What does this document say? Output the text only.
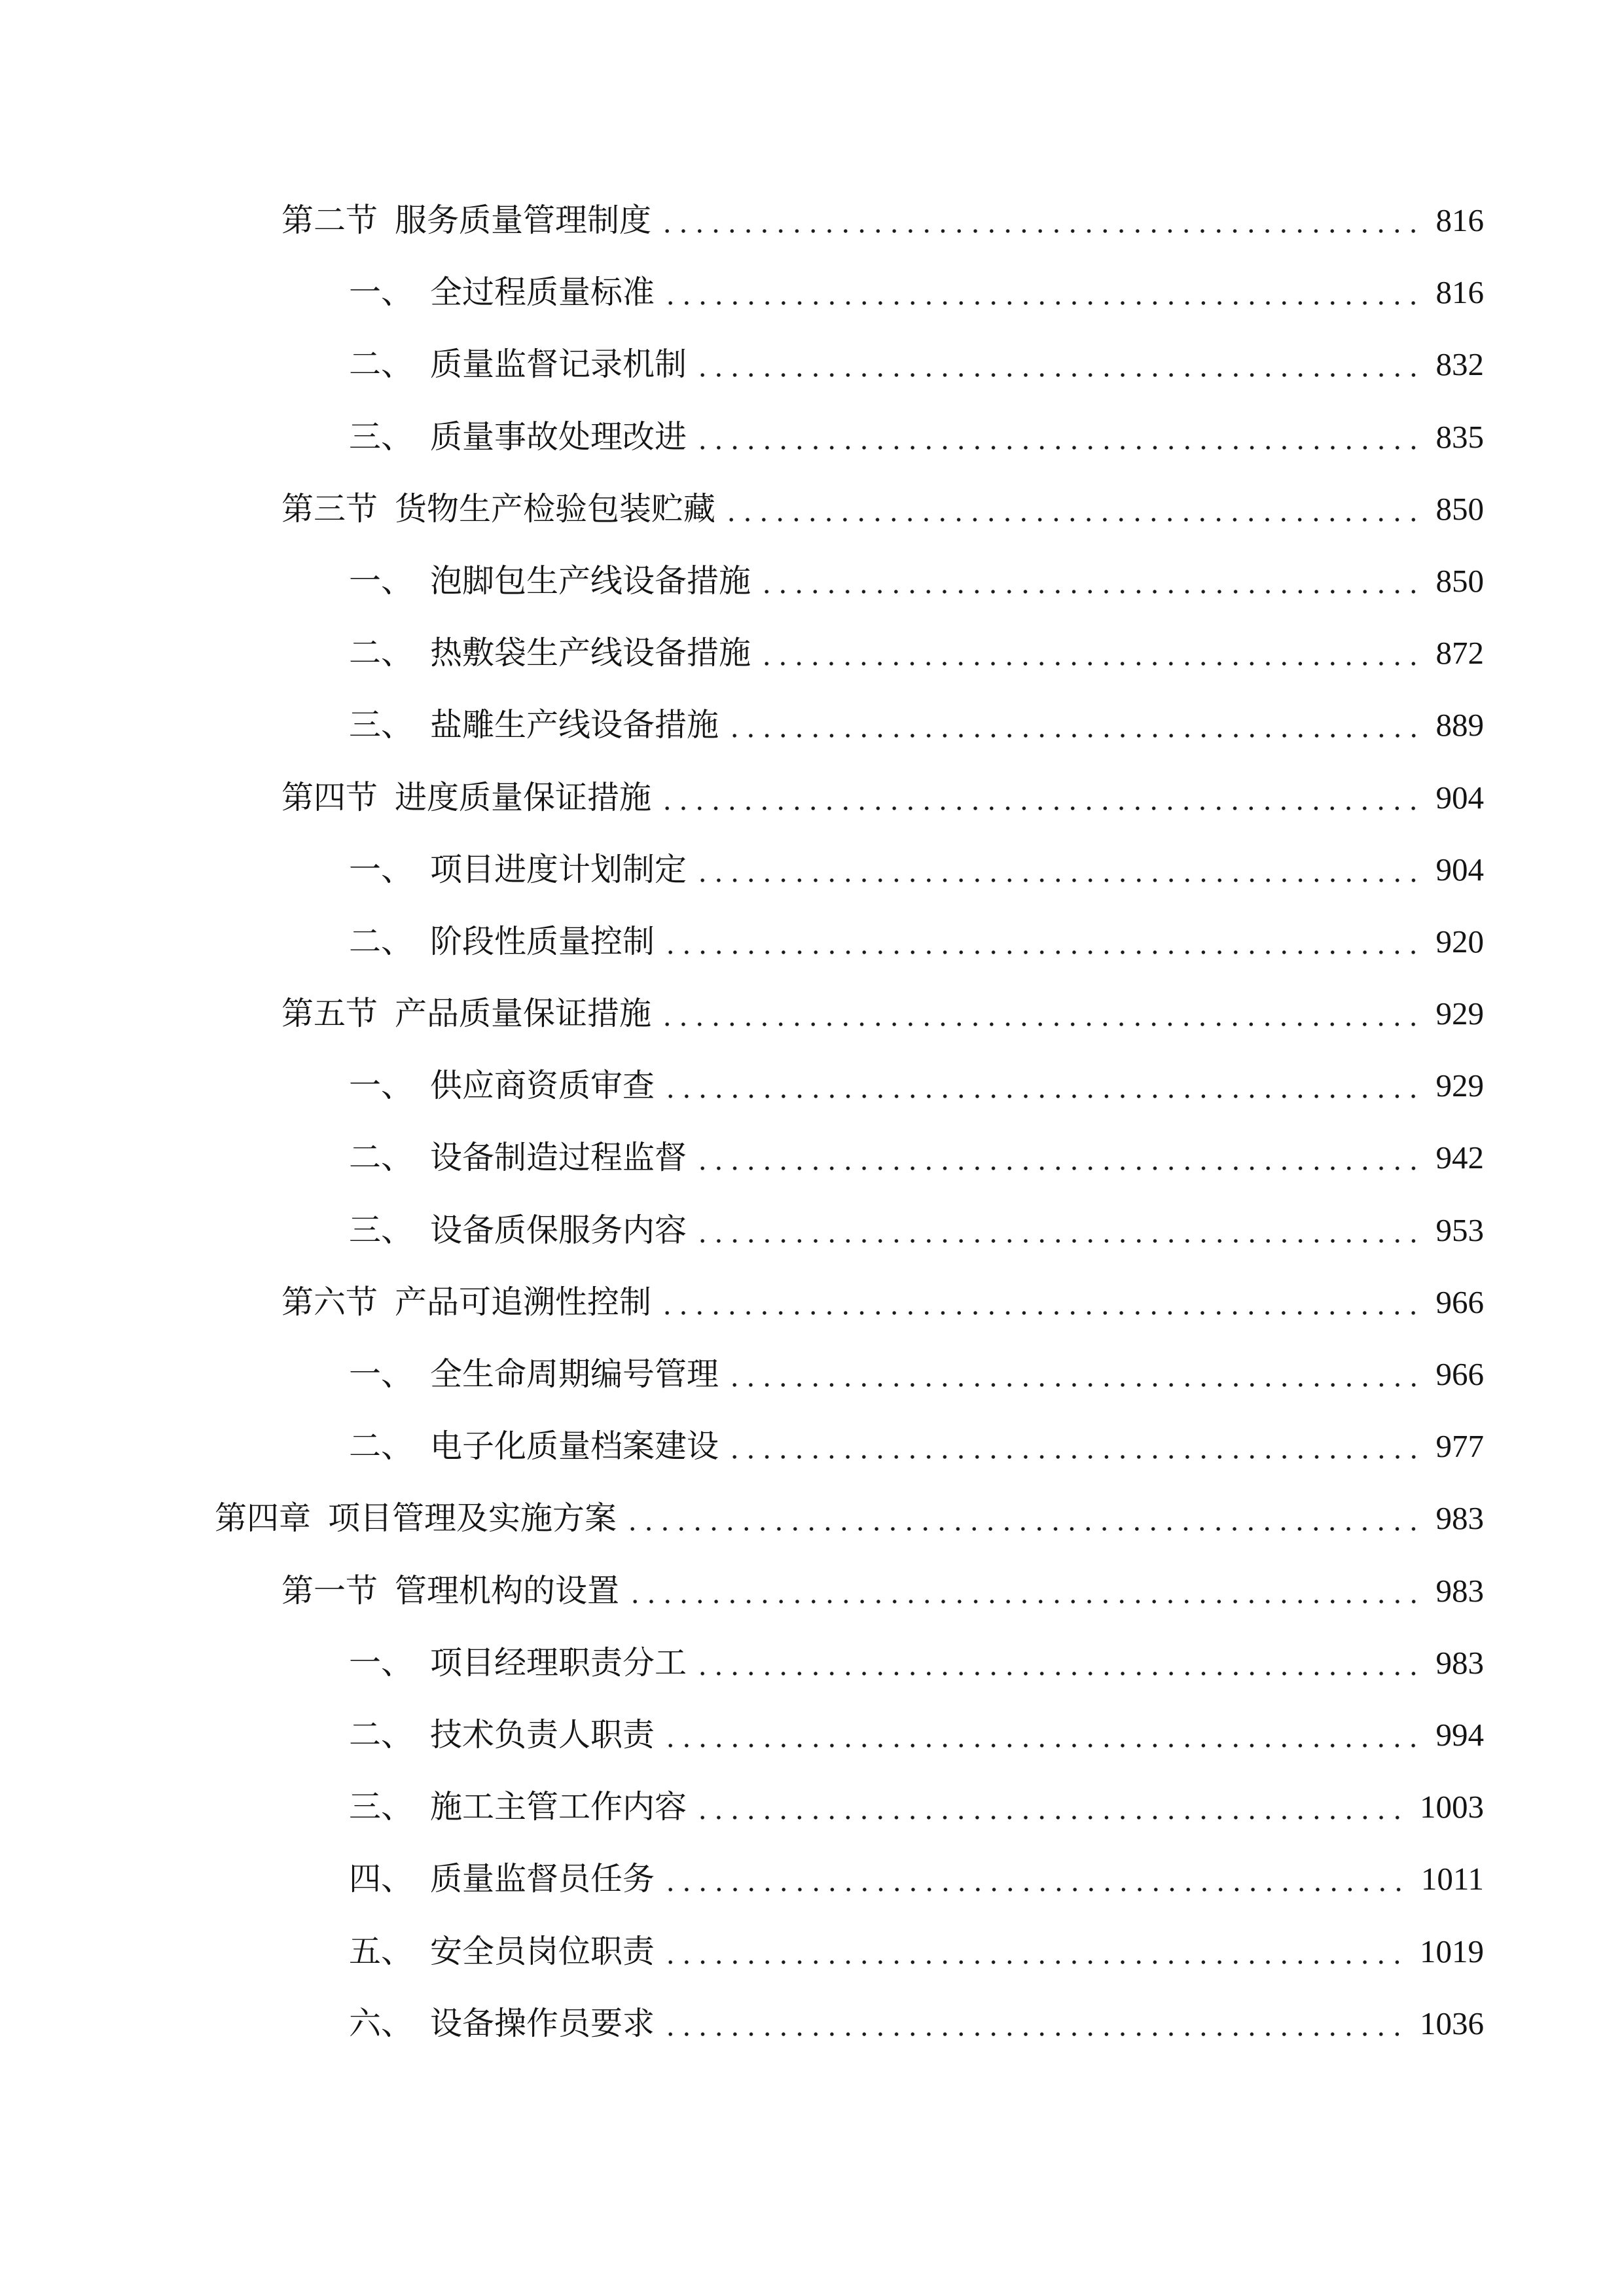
第二节 服务质量管理制度	816
一、 全过程质量标准	816
二、 质量监督记录机制	832
三、 质量事故处理改进	835
第三节 货物生产检验包装贮藏	850
一、 泡脚包生产线设备措施	850
二、 热敷袋生产线设备措施	872
三、 盐雕生产线设备措施	889
第四节 进度质量保证措施	904
一、 项目进度计划制定	904
二、 阶段性质量控制	920
第五节 产品质量保证措施	929
一、 供应商资质审查	929
二、 设备制造过程监督	942
三、 设备质保服务内容	953
第六节 产品可追溯性控制	966
一、 全生命周期编号管理	966
二、 电子化质量档案建设	977
第四章 项目管理及实施方案	983
第一节 管理机构的设置	983
一、 项目经理职责分工	983
二、 技术负责人职责	994
三、 施工主管工作内容	1003
四、 质量监督员任务	1011
五、 安全员岗位职责	1019
六、 设备操作员要求	1036
